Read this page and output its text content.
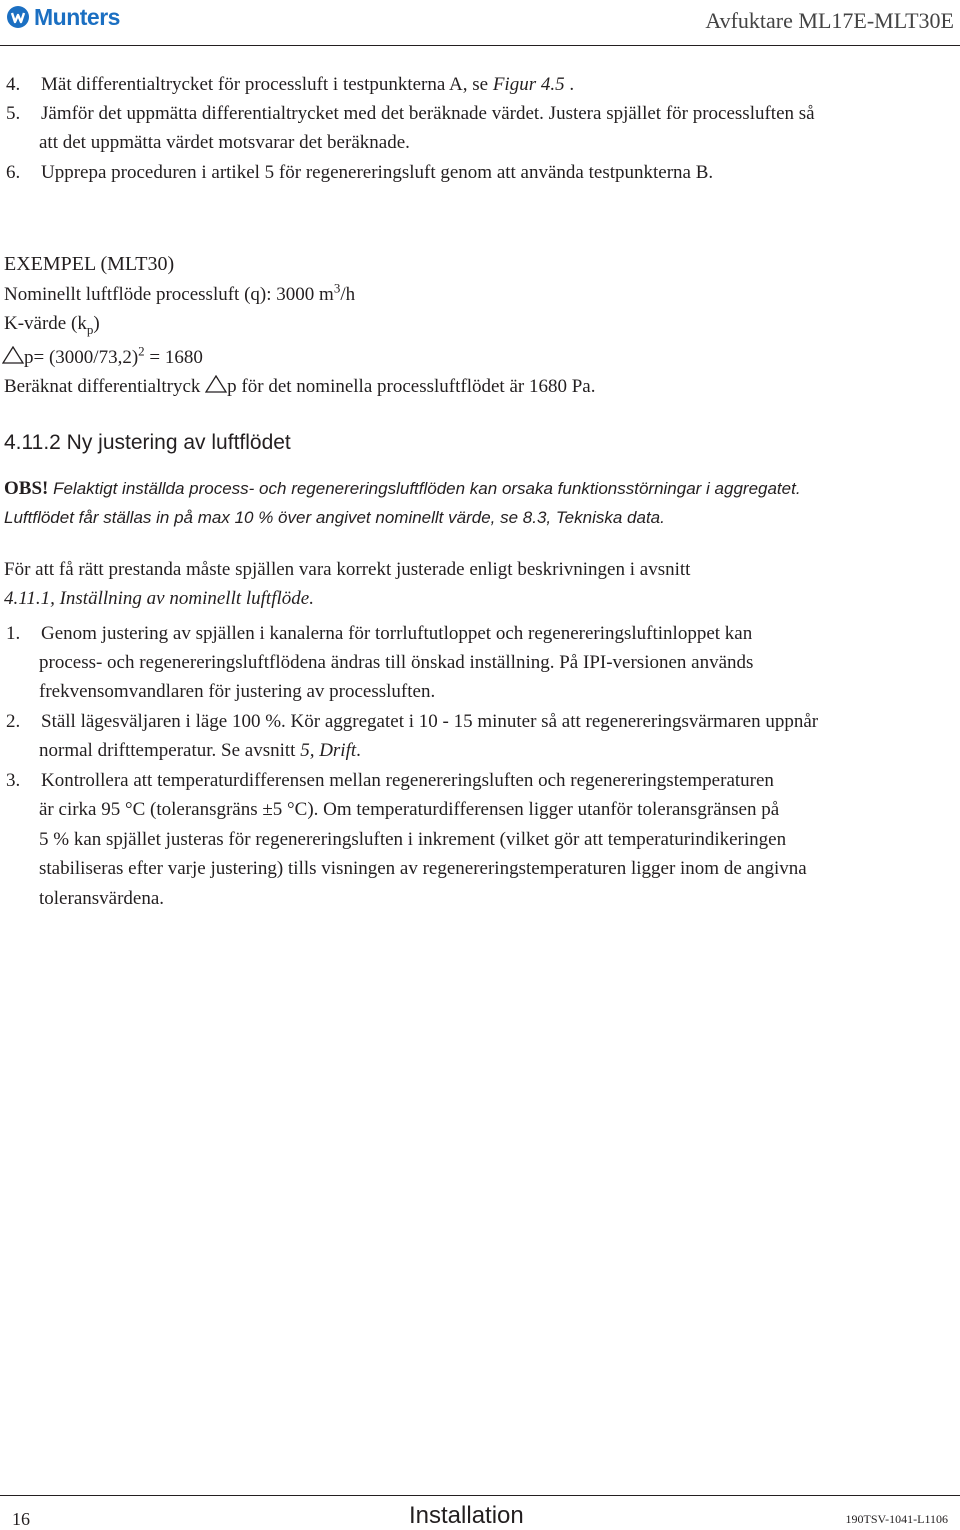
Munters	Avfuktare ML17E-MLT30E
4. Mät differentialtrycket för processluft i testpunkterna A, se Figur 4.5 .
5. Jämför det uppmätta differentialtrycket med det beräknade värdet. Justera spjället för processluften så
att det uppmätta värdet motsvarar det beräknade.
6. Upprepa proceduren i artikel 5 för regenereringsluft genom att använda testpunkterna B.
EXEMPEL (MLT30)
Nominellt luftflöde processluft (q): 3000 $m^3/h$
K-värde $(k_p)$
$p= (3000/73,2)^2 = 1680$
Beräknat differentialtryck p för det nominella processluftflödet är 1680 Pa.
4.11.2 Ny justering av luftflödet
OBS! Felaktigt inställda process- och regenereringsluftflöden kan orsaka funktionsstörningar i aggregatet.
Luftflödet får ställas in på max 10 % över angivet nominellt värde, se 8.3, Tekniska data.
För att få rätt prestanda måste spjällen vara korrekt justerade enligt beskrivningen i avsnitt
4.11.1, Inställning av nominellt luftflöde.
1. Genom justering av spjällen i kanalerna för torrluftutloppet och regenereringsluftinloppet kan
process- och regenereringsluftflödena ändras till önskad inställning. På IPI-versionen används
frekvensomvandlaren för justering av processluften.
2. Ställ lägesväljaren i läge 100 %. Kör aggregatet i 10 - 15 minuter så att regenereringsvärmaren uppnår
normal drifttemperatur. Se avsnitt 5, Drift.
3. Kontrollera att temperaturdifferensen mellan regenereringsluften och regenereringstemperaturen
är cirka 95 °C (toleransgräns ±5 °C). Om temperaturdifferensen ligger utanför toleransgränsen på
5 % kan spjället justeras för regenereringsluften i inkrement (vilket gör att temperaturindikeringen
stabiliseras efter varje justering) tills visningen av regenereringstemperaturen ligger inom de angivna
toleransvärdena.
16	Installation	190TSV-1041-L1106
